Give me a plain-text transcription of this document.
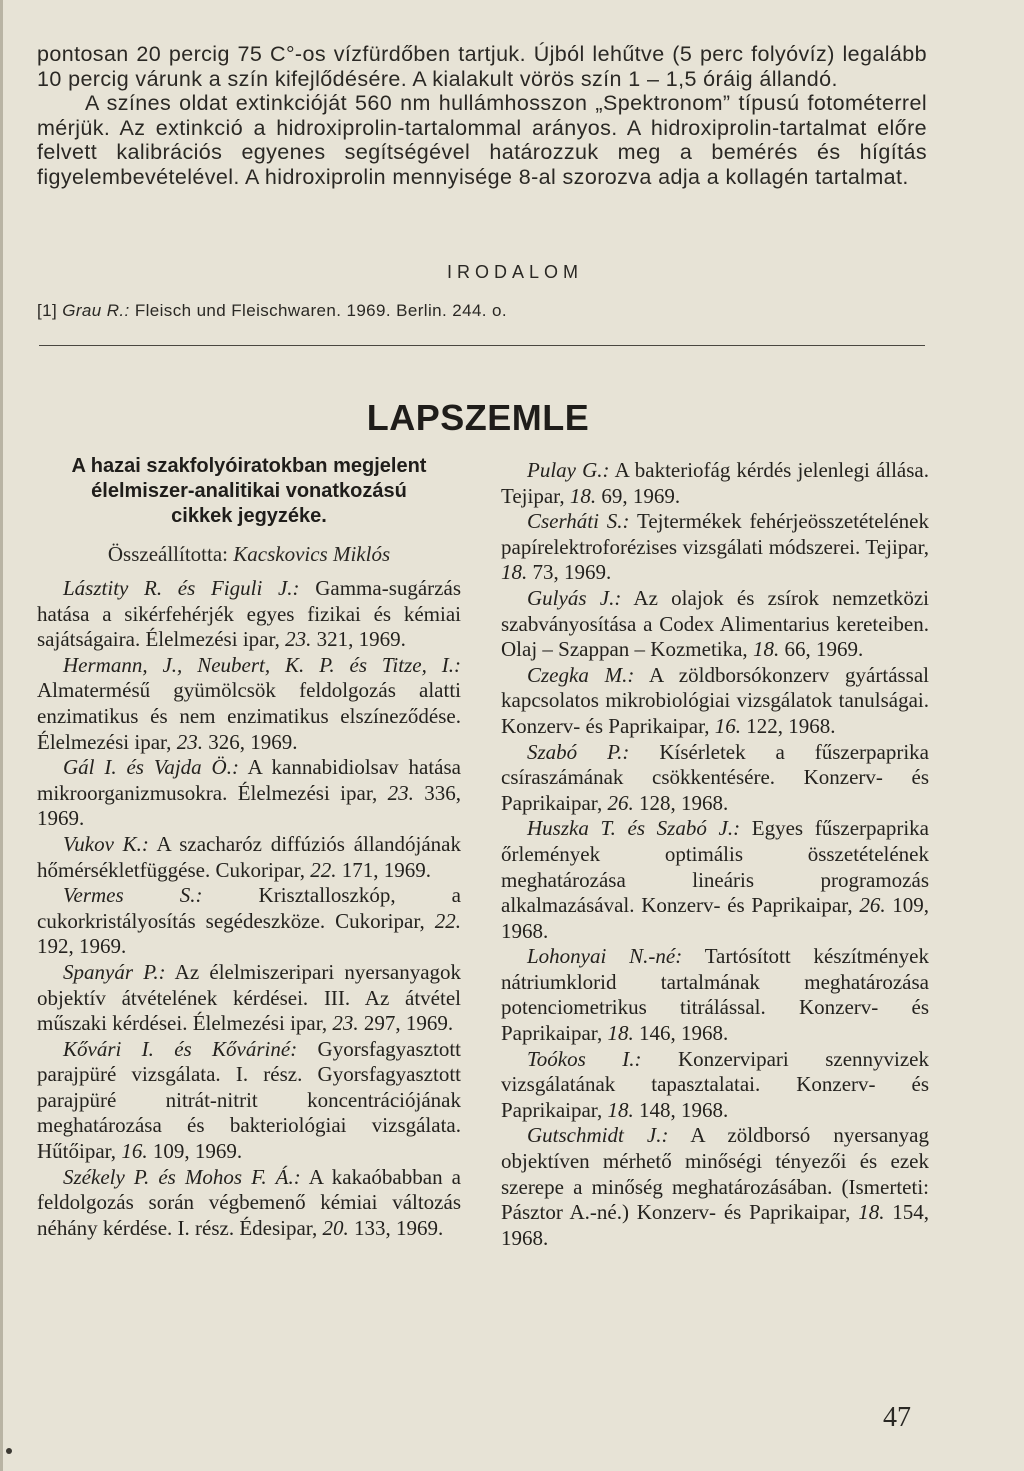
pontosan 20 percig 75 C°-os vízfürdőben tartjuk. Újból lehűtve (5 perc folyóvíz) legalább 10 percig várunk a szín kifejlődésére. A kialakult vörös szín 1 – 1,5 óráig állandó.

A színes oldat extinkcióját 560 nm hullámhosszon „Spektronom” típusú fotométerrel mérjük. Az extinkció a hidroxiprolin-tartalommal arányos. A hidroxiprolin-tartalmat előre felvett kalibrációs egyenes segítségével határozzuk meg a bemérés és hígítás figyelembevételével. A hidroxiprolin mennyisége 8-al szorozva adja a kollagén tartalmat.

IRODALOM
[1] Grau R.: Fleisch und Fleischwaren. 1969. Berlin. 244. o.
LAPSZEMLE
A hazai szakfolyóiratokban megjelent
élelmiszer-analitikai vonatkozású
cikkek jegyzéke.
Összeállította: Kacskovics Miklós

Lásztity R. és Figuli J.: Gamma-sugárzás hatása a sikérfehérjék egyes fizikai és kémiai sajátságaira. Élelmezési ipar, 23. 321, 1969.

Hermann, J., Neubert, K. P. és Titze, I.: Almatermésű gyümölcsök feldolgozás alatti enzimatikus és nem enzimatikus elszíneződése. Élelmezési ipar, 23. 326, 1969.

Gál I. és Vajda Ö.: A kannabidiolsav hatása mikroorganizmusokra. Élelmezési ipar, 23. 336, 1969.

Vukov K.: A szacharóz diffúziós állandójának hőmérsékletfüggése. Cukoripar, 22. 171, 1969.

Vermes S.:	Krisztalloszkóp, a cukorkristályosítás segédeszköze. Cukoripar, 22. 192, 1969.

Spanyár P.: Az élelmiszeripari nyersanyagok objektív átvételének kérdései. III. Az átvétel műszaki kérdései. Élelmezési ipar, 23. 297, 1969.

Kővári I. és Kőváriné: Gyorsfagyasztott parajpüré vizsgálata. I. rész. Gyorsfagyasztott parajpüré nitrát-nitrit koncentrációjának meghatározása és bakteriológiai vizsgálata. Hűtőipar, 16. 109, 1969.

Székely P. és Mohos F. Á.: A kakaóbabban a feldolgozás során végbemenő kémiai változás néhány kérdése. I. rész. Édesipar, 20. 133, 1969.

Pulay G.: A bakteriofág kérdés jelenlegi állása. Tejipar, 18. 69, 1969.

Cserháti S.: Tejtermékek fehérjeösszetételének papírelektroforézises vizsgálati módszerei. Tejipar, 18. 73, 1969.

Gulyás J.: Az olajok és zsírok nemzetközi szabványosítása a Codex Alimentarius kereteiben. Olaj – Szappan – Kozmetika, 18. 66, 1969.

Czegka M.: A zöldborsókonzerv gyártással kapcsolatos mikrobiológiai vizsgálatok tanulságai. Konzerv- és Paprikaipar, 16. 122, 1968.

Szabó P.: Kísérletek a fűszerpaprika csíraszámának csökkentésére. Konzerv- és Paprikaipar, 26. 128, 1968.

Huszka T. és Szabó J.: Egyes fűszerpaprika őrlemények optimális összetételének meghatározása lineáris programozás alkalmazásával. Konzerv- és Paprikaipar, 26. 109, 1968.

Lohonyai N.-né: Tartósított készítmények nátriumklorid tartalmának meghatározása potenciometrikus titrálással. Konzerv- és Paprikaipar, 18. 146, 1968.

Toókos I.: Konzervipari szennyvizek vizsgálatának tapasztalatai. Konzerv- és Paprikaipar, 18. 148, 1968.

Gutschmidt J.: A zöldborsó nyersanyag objektíven mérhető minőségi tényezői és ezek szerepe a minőség meghatározásában. (Ismerteti: Pásztor A.-né.) Konzerv- és Paprikaipar, 18. 154, 1968.

47
